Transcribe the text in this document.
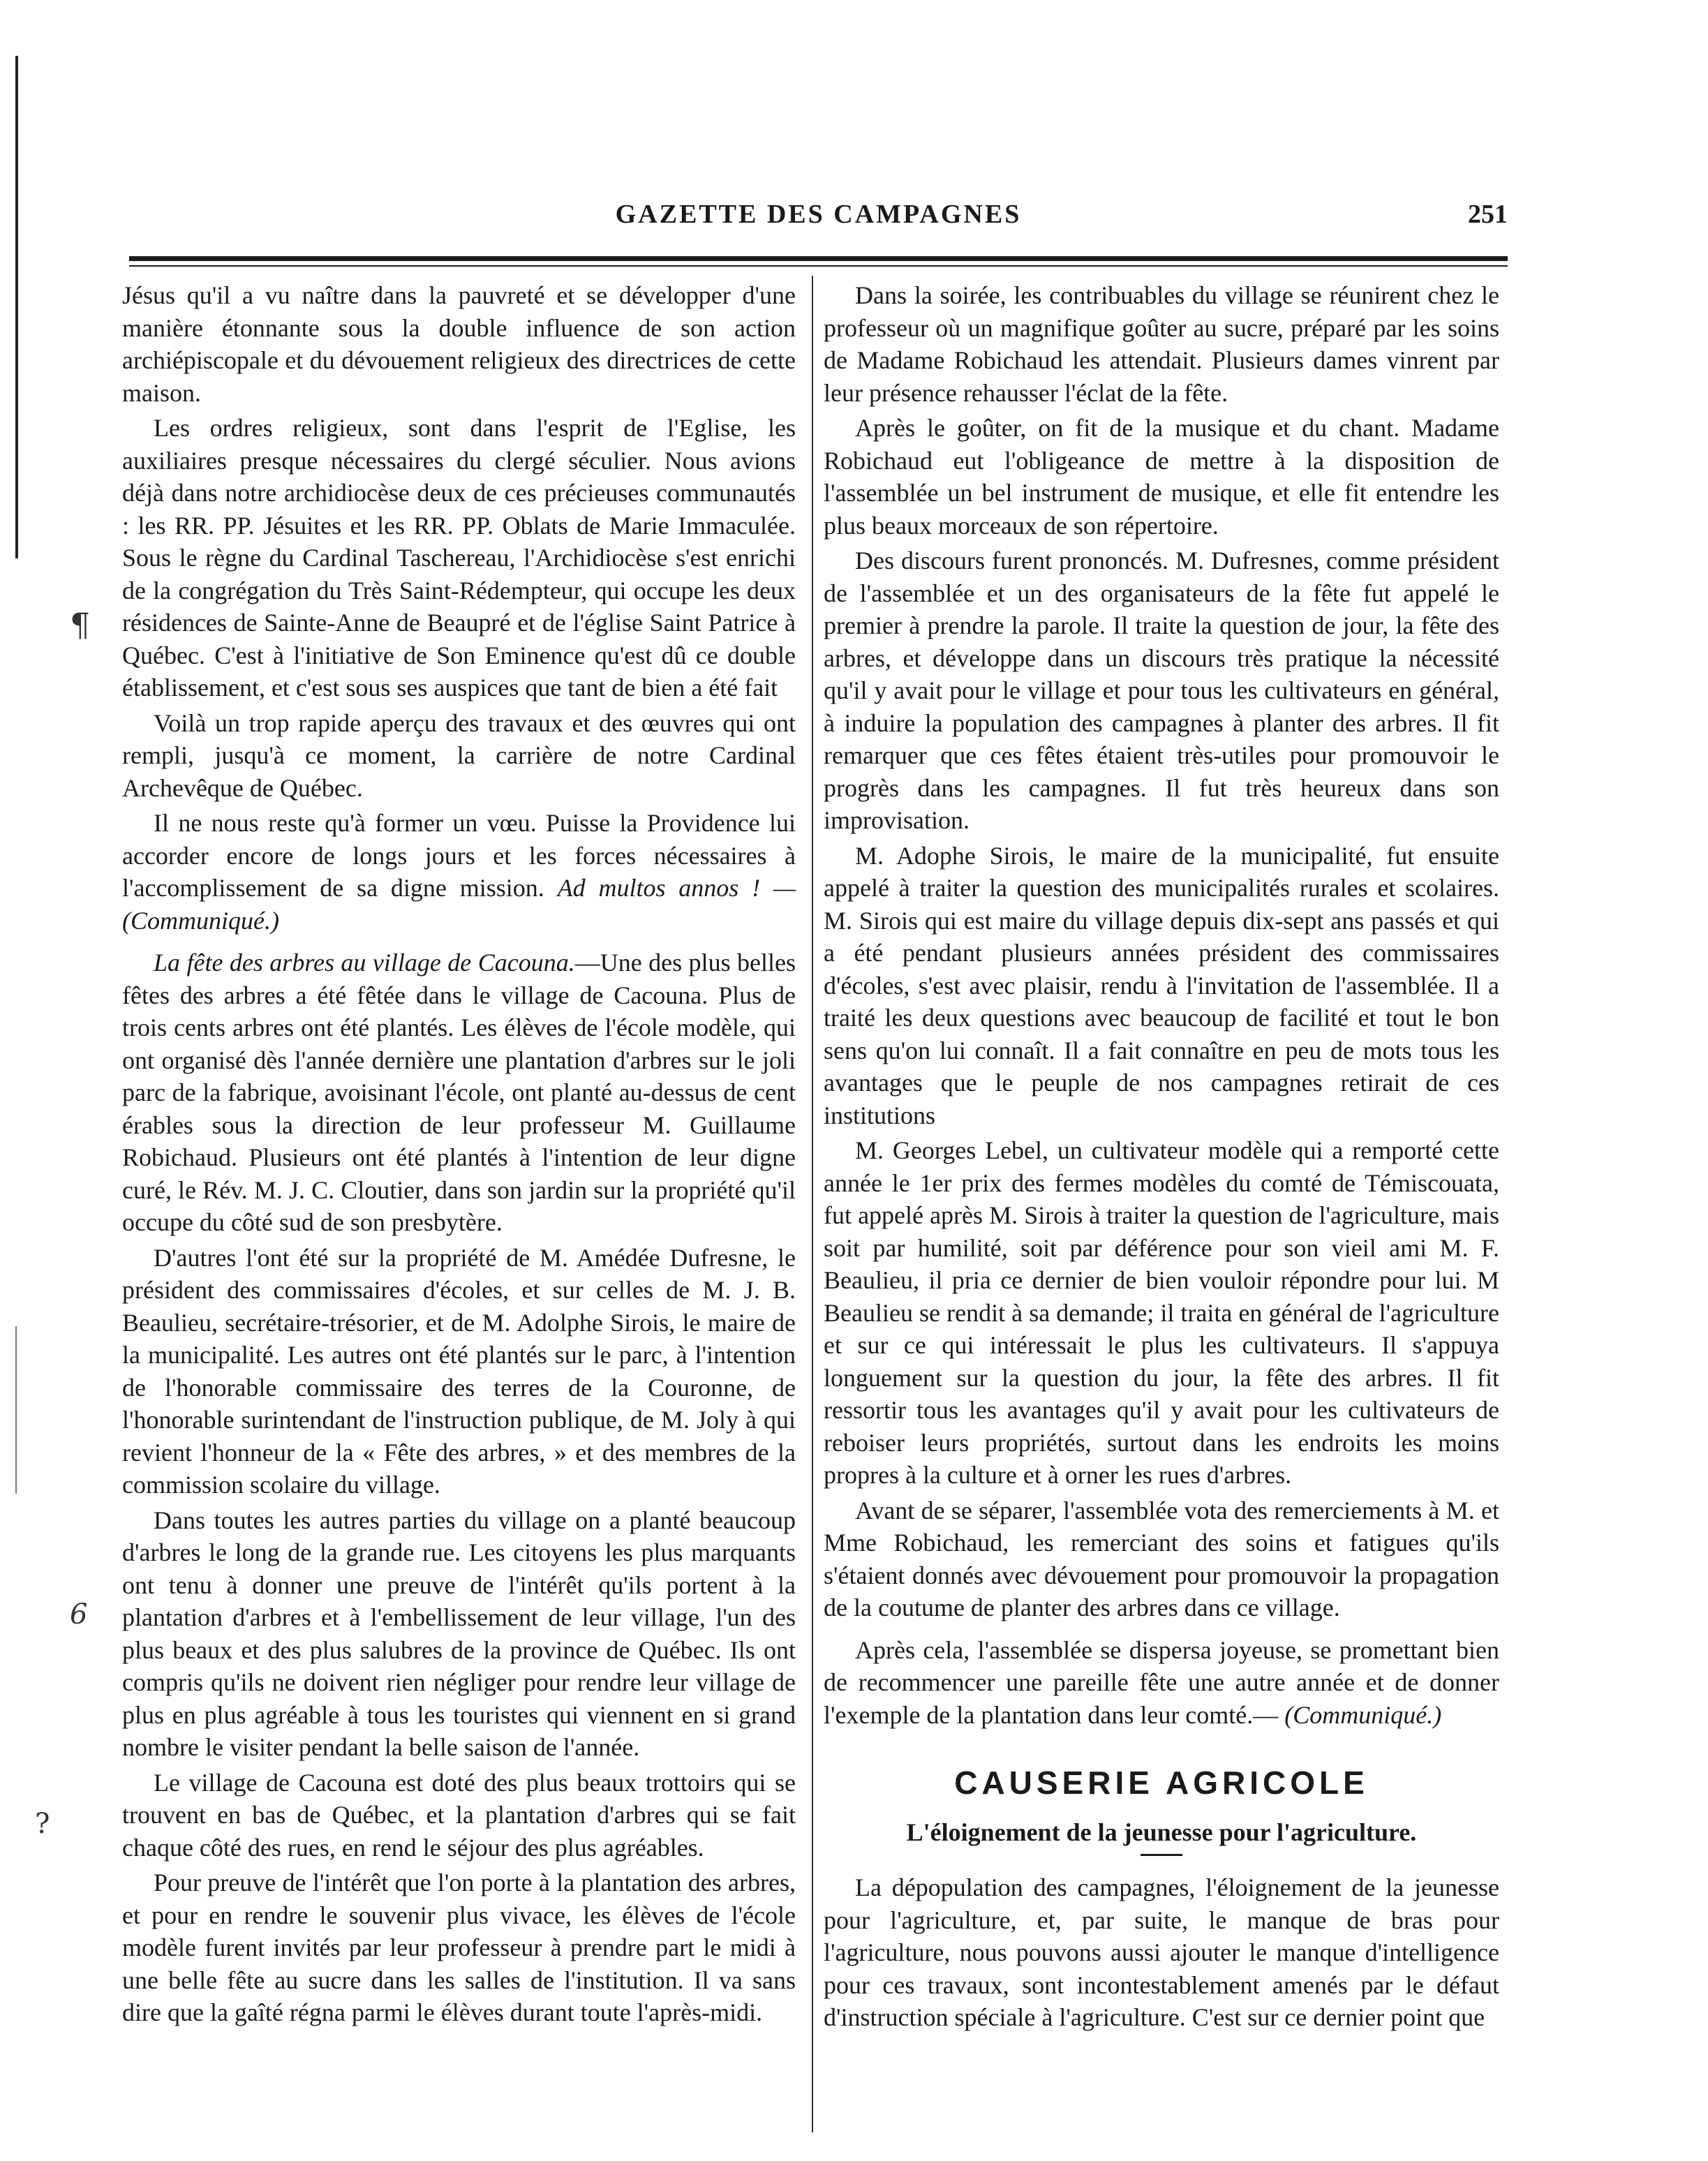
GAZETTE DES CAMPAGNES	251

Jésus qu'il a vu naître dans la pauvreté et se développer d'une manière étonnante sous la double influence de son action archiépiscopale et du dévouement religieux des directrices de cette maison.

Les ordres religieux, sont dans l'esprit de l'Eglise, les auxiliaires presque nécessaires du clergé séculier. Nous avions déjà dans notre archidiocèse deux de ces précieuses communautés : les RR. PP. Jésuites et les RR. PP. Oblats de Marie Immaculée. Sous le règne du Cardinal Taschereau, l'Archidiocèse s'est enrichi de la congrégation du Très Saint-Rédempteur, qui occupe les deux résidences de Sainte-Anne de Beaupré et de l'église Saint Patrice à Québec. C'est à l'initiative de Son Eminence qu'est dû ce double établissement, et c'est sous ses auspices que tant de bien a été fait

Voilà un trop rapide aperçu des travaux et des œuvres qui ont rempli, jusqu'à ce moment, la carrière de notre Cardinal Archevêque de Québec.

Il ne nous reste qu'à former un vœu. Puisse la Providence lui accorder encore de longs jours et les forces nécessaires à l'accomplissement de sa digne mission. Ad multos annos ! — (Communiqué.)

La fête des arbres au village de Cacouna.—Une des plus belles fêtes des arbres a été fêtée dans le village de Cacouna. Plus de trois cents arbres ont été plantés. Les élèves de l'école modèle, qui ont organisé dès l'année dernière une plantation d'arbres sur le joli parc de la fabrique, avoisinant l'école, ont planté au-dessus de cent érables sous la direction de leur professeur M. Guillaume Robichaud. Plusieurs ont été plantés à l'intention de leur digne curé, le Rév. M. J. C. Cloutier, dans son jardin sur la propriété qu'il occupe du côté sud de son presbytère.

D'autres l'ont été sur la propriété de M. Amédée Dufresne, le président des commissaires d'écoles, et sur celles de M. J. B. Beaulieu, secrétaire-trésorier, et de M. Adolphe Sirois, le maire de la municipalité. Les autres ont été plantés sur le parc, à l'intention de l'honorable commissaire des terres de la Couronne, de l'honorable surintendant de l'instruction publique, de M. Joly à qui revient l'honneur de la « Fête des arbres, » et des membres de la commission scolaire du village.

Dans toutes les autres parties du village on a planté beaucoup d'arbres le long de la grande rue. Les citoyens les plus marquants ont tenu à donner une preuve de l'intérêt qu'ils portent à la plantation d'arbres et à l'embellissement de leur village, l'un des plus beaux et des plus salubres de la province de Québec. Ils ont compris qu'ils ne doivent rien négliger pour rendre leur village de plus en plus agréable à tous les touristes qui viennent en si grand nombre le visiter pendant la belle saison de l'année.

Le village de Cacouna est doté des plus beaux trottoirs qui se trouvent en bas de Québec, et la plantation d'arbres qui se fait chaque côté des rues, en rend le séjour des plus agréables.

Pour preuve de l'intérêt que l'on porte à la plantation des arbres, et pour en rendre le souvenir plus vivace, les élèves de l'école modèle furent invités par leur professeur à prendre part le midi à une belle fête au sucre dans les salles de l'institution. Il va sans dire que la gaîté régna parmi le élèves durant toute l'après-midi.

Dans la soirée, les contribuables du village se réunirent chez le professeur où un magnifique goûter au sucre, préparé par les soins de Madame Robichaud les attendait. Plusieurs dames vinrent par leur présence rehausser l'éclat de la fête.

Après le goûter, on fit de la musique et du chant. Madame Robichaud eut l'obligeance de mettre à la disposition de l'assemblée un bel instrument de musique, et elle fit entendre les plus beaux morceaux de son répertoire.

Des discours furent prononcés. M. Dufresnes, comme président de l'assemblée et un des organisateurs de la fête fut appelé le premier à prendre la parole. Il traite la question de jour, la fête des arbres, et développe dans un discours très pratique la nécessité qu'il y avait pour le village et pour tous les cultivateurs en général, à induire la population des campagnes à planter des arbres. Il fit remarquer que ces fêtes étaient très-utiles pour promouvoir le progrès dans les campagnes. Il fut très heureux dans son improvisation.

M. Adophe Sirois, le maire de la municipalité, fut ensuite appelé à traiter la question des municipalités rurales et scolaires. M. Sirois qui est maire du village depuis dix-sept ans passés et qui a été pendant plusieurs années président des commissaires d'écoles, s'est avec plaisir, rendu à l'invitation de l'assemblée. Il a traité les deux questions avec beaucoup de facilité et tout le bon sens qu'on lui connaît. Il a fait connaître en peu de mots tous les avantages que le peuple de nos campagnes retirait de ces institutions

M. Georges Lebel, un cultivateur modèle qui a remporté cette année le 1er prix des fermes modèles du comté de Témiscouata, fut appelé après M. Sirois à traiter la question de l'agriculture, mais soit par humilité, soit par déférence pour son vieil ami M. F. Beaulieu, il pria ce dernier de bien vouloir répondre pour lui. M Beaulieu se rendit à sa demande; il traita en général de l'agriculture et sur ce qui intéressait le plus les cultivateurs. Il s'appuya longuement sur la question du jour, la fête des arbres. Il fit ressortir tous les avantages qu'il y avait pour les cultivateurs de reboiser leurs propriétés, surtout dans les endroits les moins propres à la culture et à orner les rues d'arbres.

Avant de se séparer, l'assemblée vota des remerciements à M. et Mme Robichaud, les remerciant des soins et fatigues qu'ils s'étaient donnés avec dévouement pour promouvoir la propagation de la coutume de planter des arbres dans ce village.

Après cela, l'assemblée se dispersa joyeuse, se promettant bien de recommencer une pareille fête une autre année et de donner l'exemple de la plantation dans leur comté.— (Communiqué.)

CAUSERIE AGRICOLE
L'éloignement de la jeunesse pour l'agriculture.

La dépopulation des campagnes, l'éloignement de la jeunesse pour l'agriculture, et, par suite, le manque de bras pour l'agriculture, nous pouvons aussi ajouter le manque d'intelligence pour ces travaux, sont incontestablement amenés par le défaut d'instruction spéciale à l'agriculture. C'est sur ce dernier point que

¶
6
?
